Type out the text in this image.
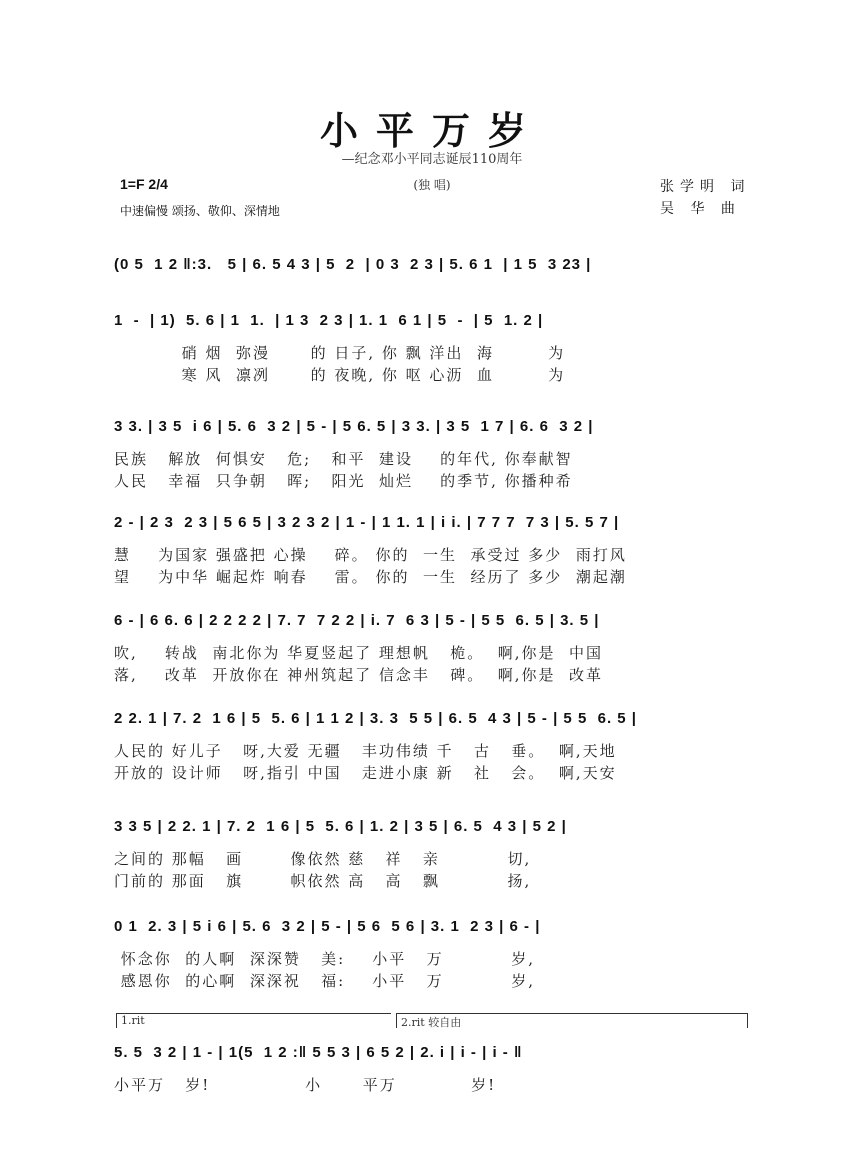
小平万岁
—纪念邓小平同志诞辰110周年
(独 唱)
1=F 2/4
中速偏慢 颂扬、敬仰、深情地
张学明 词
吴 华 曲
(0 5  1 2 ‖:3.   5 | 6. 5 4 3 | 5  2  | 0 3  2 3 | 5. 6 1  | 1 5  3 23 |
1  -  | 1)  5. 6 | 1  1.  | 1 3  2 3 | 1. 1  6 1 | 5  -  | 5  1. 2 |
硝 烟  弥漫      的 日子, 你 飘 洋出  海        为
寒 风  凛冽      的 夜晚, 你 呕 心沥  血        为
3 3. | 3 5  i 6 | 5. 6  3 2 | 5 - | 5 6. 5 | 3 3. | 3 5  1 7 | 6. 6  3 2 |
民族   解放  何惧安   危;   和平  建设    的年代, 你奉献智
人民   幸福  只争朝   晖;   阳光  灿烂    的季节, 你播种希
2 - | 2 3  2 3 | 5 6 5 | 3 2 3 2 | 1 - | 1 1. 1 | i i. | 7 7 7  7 3 | 5. 5 7 |
慧    为国家 强盛把 心操    碎。 你的  一生  承受过 多少  雨打风
望    为中华 崛起炸 响春    雷。 你的  一生  经历了 多少  潮起潮
6 - | 6 6. 6 | 2 2 2 2 | 7. 7  7 2 2 | i. 7  6 3 | 5 - | 5 5  6. 5 | 3. 5 |
吹,    转战  南北你为 华夏竖起了 理想帆   桅。  啊,你是  中国
落,    改革  开放你在 神州筑起了 信念丰   碑。  啊,你是  改革
2 2. 1 | 7. 2  1 6 | 5  5. 6 | 1 1 2 | 3. 3  5 5 | 6. 5  4 3 | 5 - | 5 5  6. 5 |
人民的 好儿子   呀,大爱 无疆   丰功伟绩 千   古   垂。  啊,天地
开放的 设计师   呀,指引 中国   走进小康 新   社   会。  啊,天安
3 3 5 | 2 2. 1 | 7. 2  1 6 | 5  5. 6 | 1. 2 | 3 5 | 6. 5  4 3 | 5 2 |
之间的 那幅   画       像依然 慈   祥   亲          切,
门前的 那面   旗       帜依然 高   高   飘          扬,
0 1  2. 3 | 5 i 6 | 5. 6  3 2 | 5 - | 5 6  5 6 | 3. 1  2 3 | 6 - |
怀念你  的人啊  深深赞   美:    小平   万          岁,
感恩你  的心啊  深深祝   福:    小平   万          岁,
1.rit	2.rit 较自由
5. 5  3 2 | 1 - | 1(5  1 2 :‖ 5 5 3 | 6 5 2 | 2. i | i - | i - ‖
小平万   岁!              小      平万           岁!
